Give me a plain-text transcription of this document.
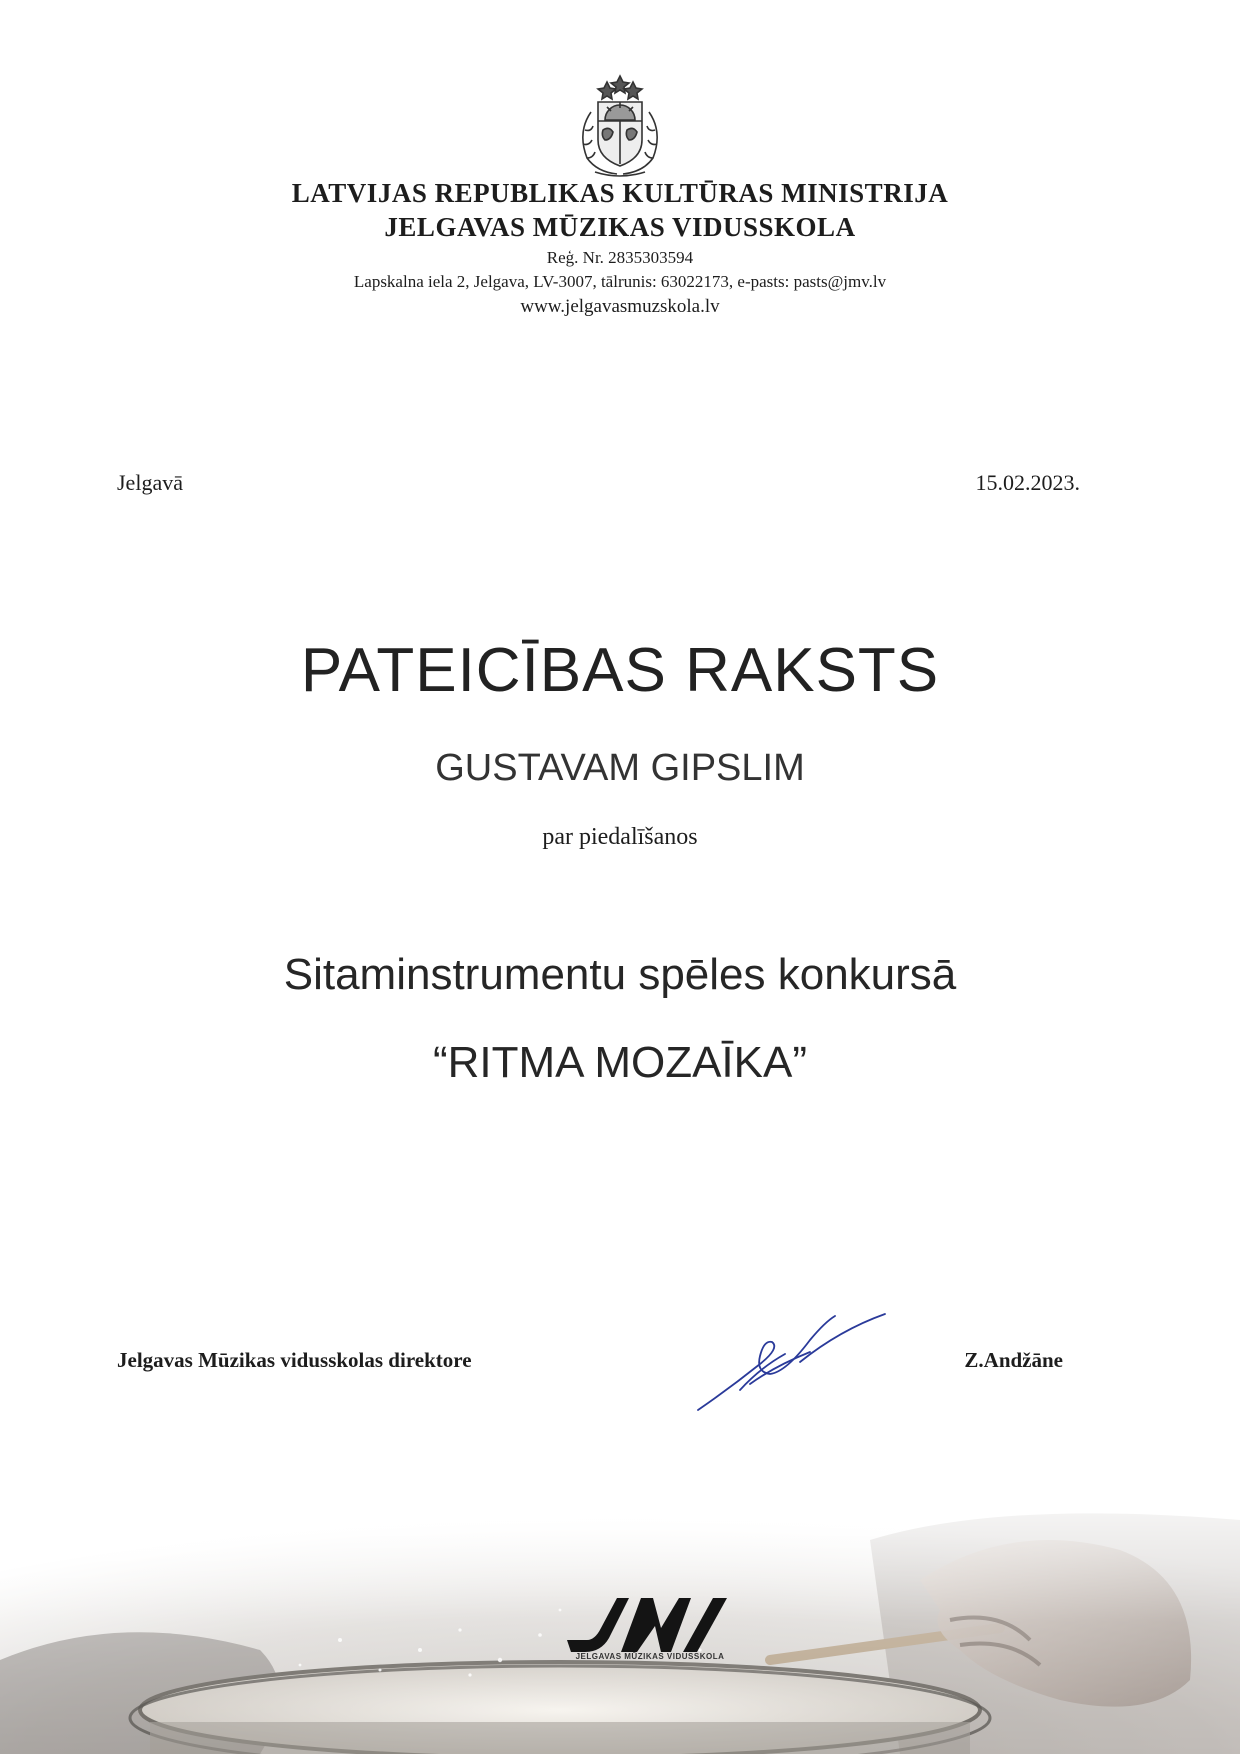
LATVIJAS REPUBLIKAS KULTŪRAS MINISTRIJA
JELGAVAS MŪZIKAS VIDUSSKOLA
Reģ. Nr. 2835303594
Lapskalna iela 2, Jelgava, LV-3007, tālrunis: 63022173, e-pasts: pasts@jmv.lv
www.jelgavasmuzskola.lv
Jelgavā	15.02.2023.
PATEICĪBAS RAKSTS
GUSTAVAM GIPSLIM
par piedalīšanos
Sitaminstrumentu spēles konkursā
“RITMA MOZAĪKA”
Jelgavas Mūzikas vidusskolas direktore	Z.Andžāne
JELGAVAS MŪZIKAS VIDUSSKOLA
